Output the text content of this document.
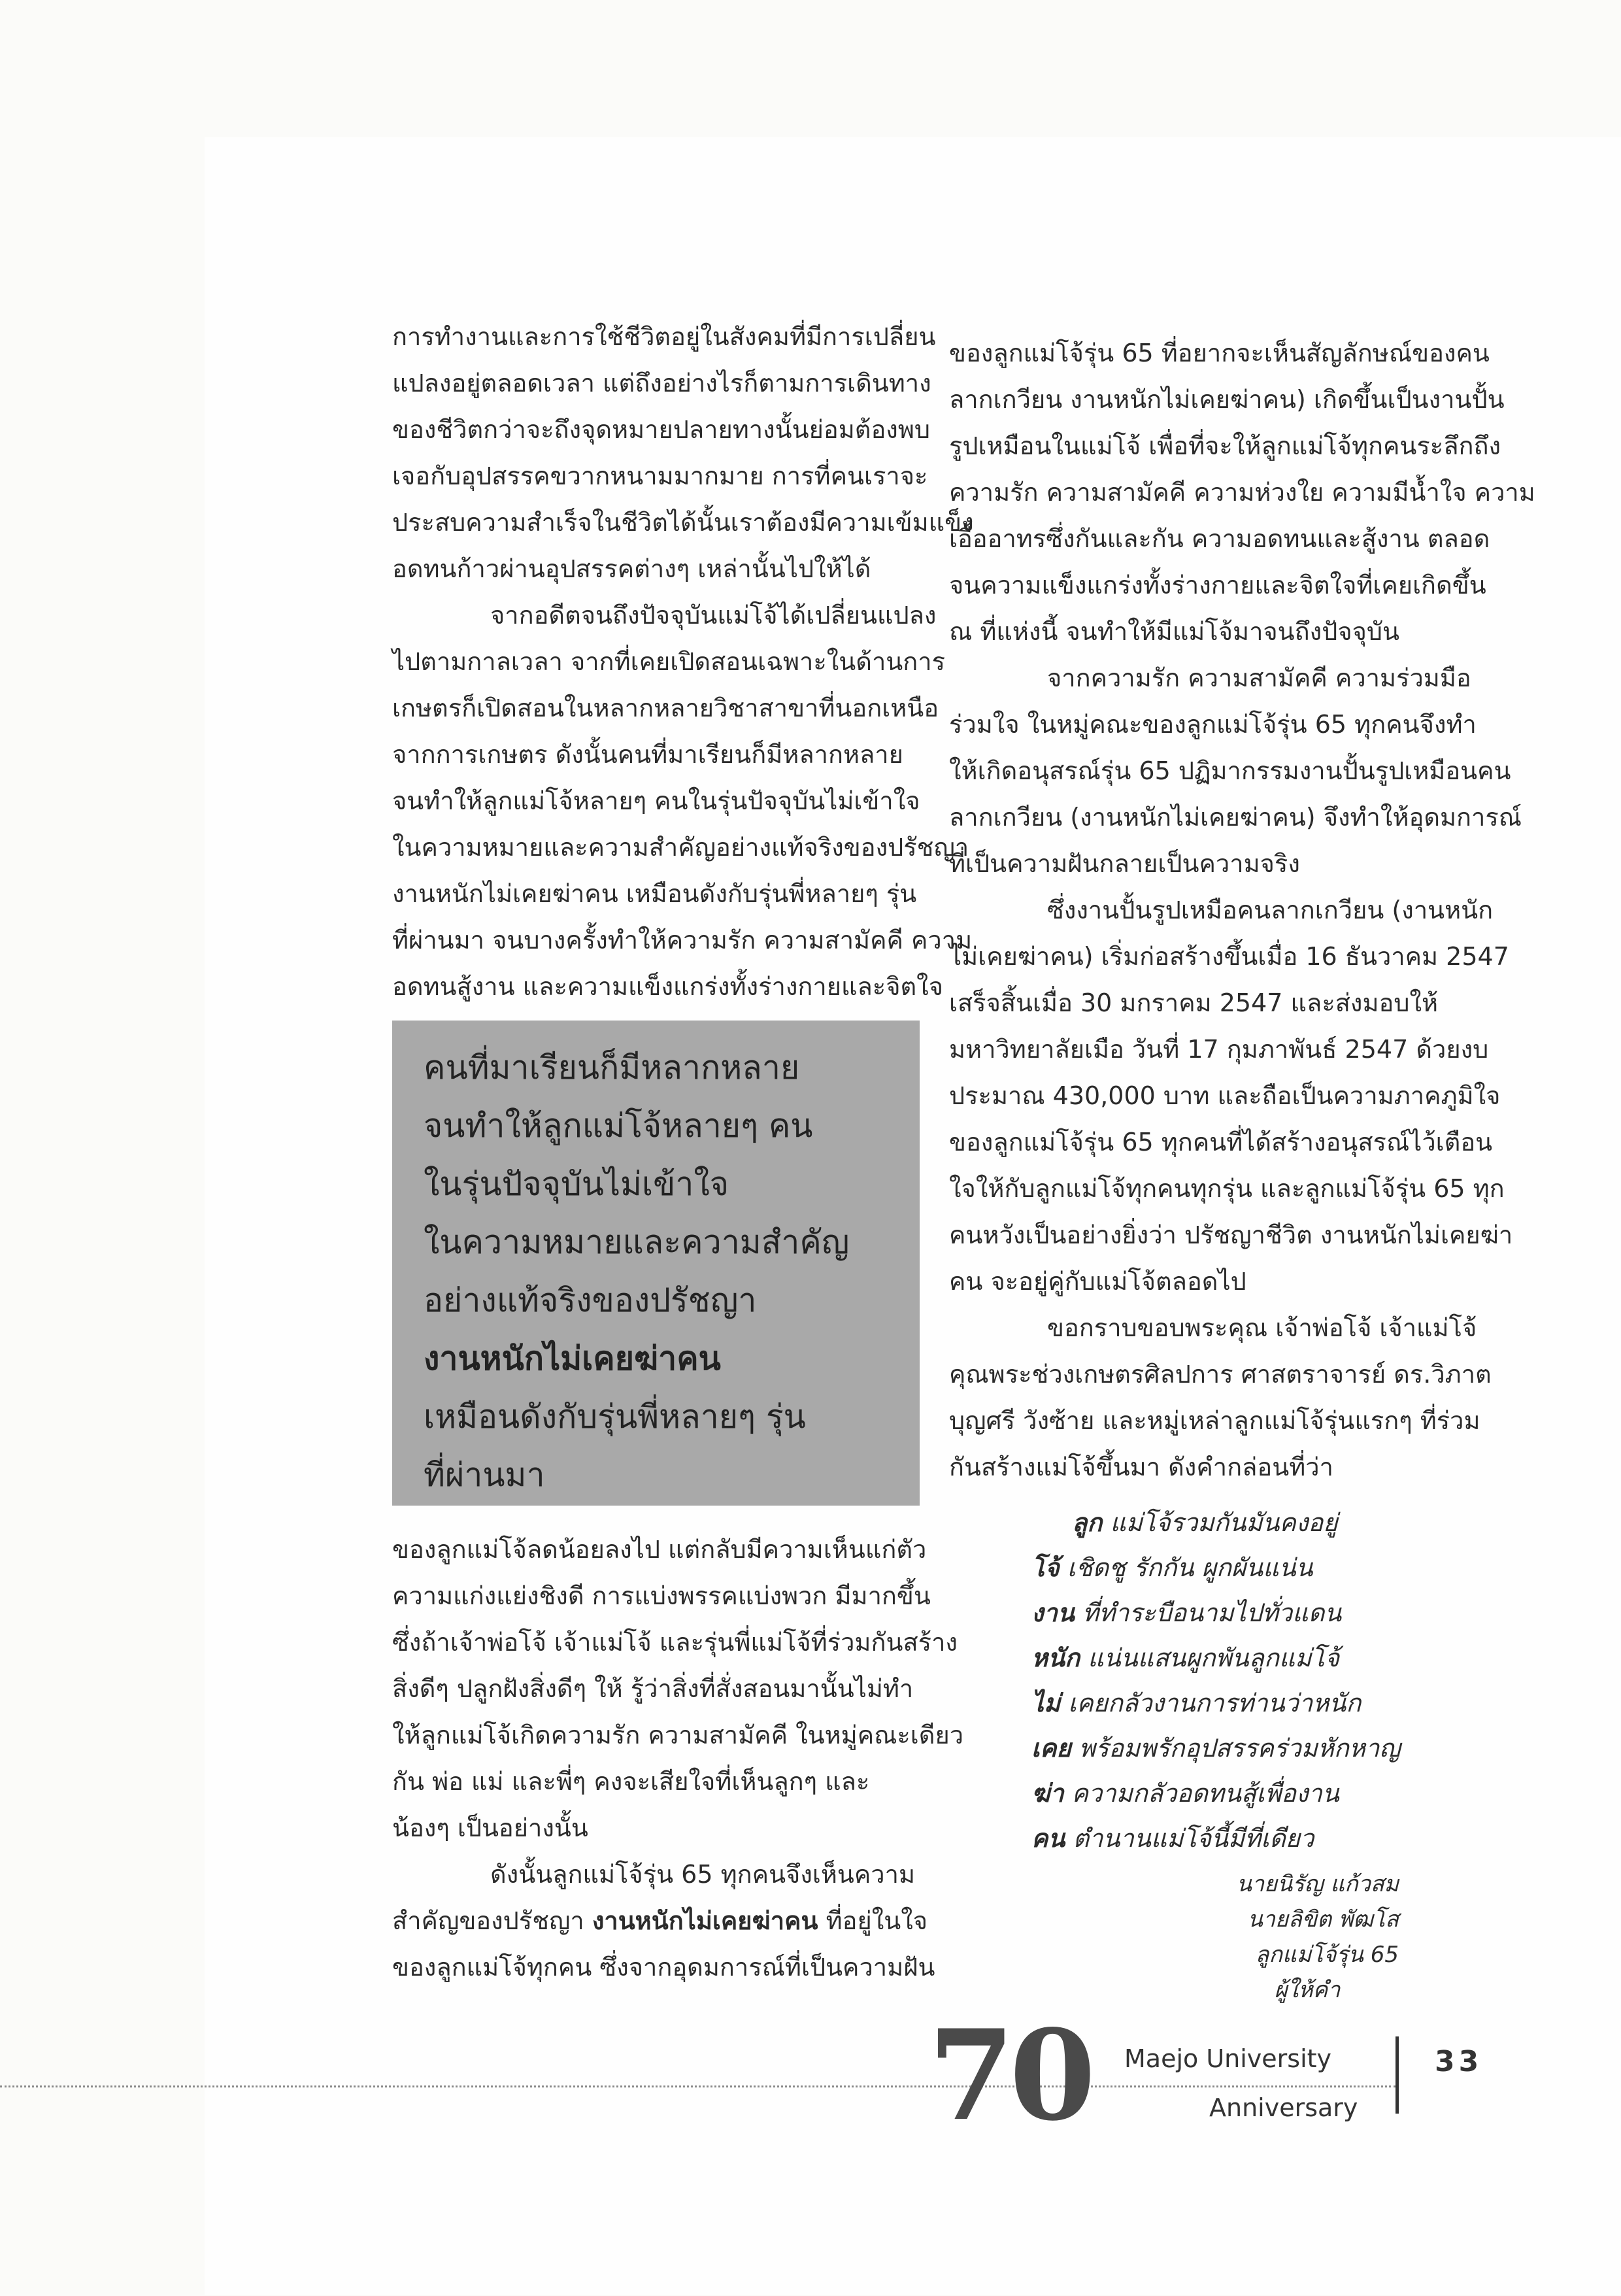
การทำงานและการใช้ชีวิตอยู่ในสังคมที่มีการเปลี่ยน
แปลงอยู่ตลอดเวลา แต่ถึงอย่างไรก็ตามการเดินทาง
ของชีวิตกว่าจะถึงจุดหมายปลายทางนั้นย่อมต้องพบ
เจอกับอุปสรรคขวากหนามมากมาย การที่คนเราจะ
ประสบความสำเร็จในชีวิตได้นั้นเราต้องมีความเข้มแข็ง
อดทนก้าวผ่านอุปสรรคต่างๆ เหล่านั้นไปให้ได้
จากอดีตจนถึงปัจจุบันแม่โจ้ได้เปลี่ยนแปลง
ไปตามกาลเวลา จากที่เคยเปิดสอนเฉพาะในด้านการ
เกษตรก็เปิดสอนในหลากหลายวิชาสาขาที่นอกเหนือ
จากการเกษตร ดังนั้นคนที่มาเรียนก็มีหลากหลาย
จนทำให้ลูกแม่โจ้หลายๆ คนในรุ่นปัจจุบันไม่เข้าใจ
ในความหมายและความสำคัญอย่างแท้จริงของปรัชญา
งานหนักไม่เคยฆ่าคน เหมือนดังกับรุ่นพี่หลายๆ รุ่น
ที่ผ่านมา จนบางครั้งทำให้ความรัก ความสามัคคี ความ
อดทนสู้งาน และความแข็งแกร่งทั้งร่างกายและจิตใจ
คนที่มาเรียนก็มีหลากหลาย
จนทำให้ลูกแม่โจ้หลายๆ คน
ในรุ่นปัจจุบันไม่เข้าใจ
ในความหมายและความสำคัญ
อย่างแท้จริงของปรัชญา
งานหนักไม่เคยฆ่าคน
เหมือนดังกับรุ่นพี่หลายๆ รุ่น
ที่ผ่านมา
ของลูกแม่โจ้ลดน้อยลงไป แต่กลับมีความเห็นแก่ตัว
ความแก่งแย่งชิงดี การแบ่งพรรคแบ่งพวก มีมากขึ้น
ซึ่งถ้าเจ้าพ่อโจ้ เจ้าแม่โจ้ และรุ่นพี่แม่โจ้ที่ร่วมกันสร้าง
สิ่งดีๆ ปลูกฝังสิ่งดีๆ ให้ รู้ว่าสิ่งที่สั่งสอนมานั้นไม่ทำ
ให้ลูกแม่โจ้เกิดความรัก ความสามัคคี ในหมู่คณะเดียว
กัน พ่อ แม่ และพี่ๆ คงจะเสียใจที่เห็นลูกๆ และ
น้องๆ เป็นอย่างนั้น
ดังนั้นลูกแม่โจ้รุ่น 65 ทุกคนจึงเห็นความ
สำคัญของปรัชญา งานหนักไม่เคยฆ่าคน ที่อยู่ในใจ
ของลูกแม่โจ้ทุกคน ซึ่งจากอุดมการณ์ที่เป็นความฝัน
ของลูกแม่โจ้รุ่น 65 ที่อยากจะเห็นสัญลักษณ์ของคน
ลากเกวียน งานหนักไม่เคยฆ่าคน) เกิดขึ้นเป็นงานปั้น
รูปเหมือนในแม่โจ้ เพื่อที่จะให้ลูกแม่โจ้ทุกคนระลึกถึง
ความรัก ความสามัคคี ความห่วงใย ความมีน้ำใจ ความ
เอื้ออาทรซึ่งกันและกัน ความอดทนและสู้งาน ตลอด
จนความแข็งแกร่งทั้งร่างกายและจิตใจที่เคยเกิดขึ้น
ณ ที่แห่งนี้ จนทำให้มีแม่โจ้มาจนถึงปัจจุบัน
จากความรัก ความสามัคคี ความร่วมมือ
ร่วมใจ ในหมู่คณะของลูกแม่โจ้รุ่น 65 ทุกคนจึงทำ
ให้เกิดอนุสรณ์รุ่น 65 ปฏิมากรรมงานปั้นรูปเหมือนคน
ลากเกวียน (งานหนักไม่เคยฆ่าคน) จึงทำให้อุดมการณ์
ที่เป็นความฝันกลายเป็นความจริง
ซึ่งงานปั้นรูปเหมือคนลากเกวียน (งานหนัก
ไม่เคยฆ่าคน) เริ่มก่อสร้างขึ้นเมื่อ 16 ธันวาคม 2547
เสร็จสิ้นเมื่อ 30 มกราคม 2547 และส่งมอบให้
มหาวิทยาลัยเมือ วันที่ 17 กุมภาพันธ์ 2547 ด้วยงบ
ประมาณ 430,000 บาท และถือเป็นความภาคภูมิใจ
ของลูกแม่โจ้รุ่น 65 ทุกคนที่ได้สร้างอนุสรณ์ไว้เตือน
ใจให้กับลูกแม่โจ้ทุกคนทุกรุ่น และลูกแม่โจ้รุ่น 65 ทุก
คนหวังเป็นอย่างยิ่งว่า ปรัชญาชีวิต งานหนักไม่เคยฆ่า
คน จะอยู่คู่กับแม่โจ้ตลอดไป
ขอกราบขอบพระคุณ เจ้าพ่อโจ้ เจ้าแม่โจ้
คุณพระช่วงเกษตรศิลปการ ศาสตราจารย์ ดร.วิภาต
บุญศรี วังซ้าย และหมู่เหล่าลูกแม่โจ้รุ่นแรกๆ ที่ร่วม
กันสร้างแม่โจ้ขึ้นมา ดังคำกล่อนที่ว่า
ลูก แม่โจ้รวมกันมันคงอยู่
โจ้ เชิดชู รักกัน ผูกผันแน่น
งาน ที่ทำระบือนามไปทั่วแดน
หนัก แน่นแสนผูกพันลูกแม่โจ้
ไม่ เคยกลัวงานการท่านว่าหนัก
เคย พร้อมพรักอุปสรรคร่วมหักหาญ
ฆ่า ความกลัวอดทนสู้เพื่องาน
คน ตำนานแม่โจ้นี้มีที่เดียว
นายนิรัญ แก้วสม
นายลิขิต พัฒโส
ลูกแม่โจ้รุ่น 65
ผู้ให้คำ
70 Maejo University
Anniversary
33
